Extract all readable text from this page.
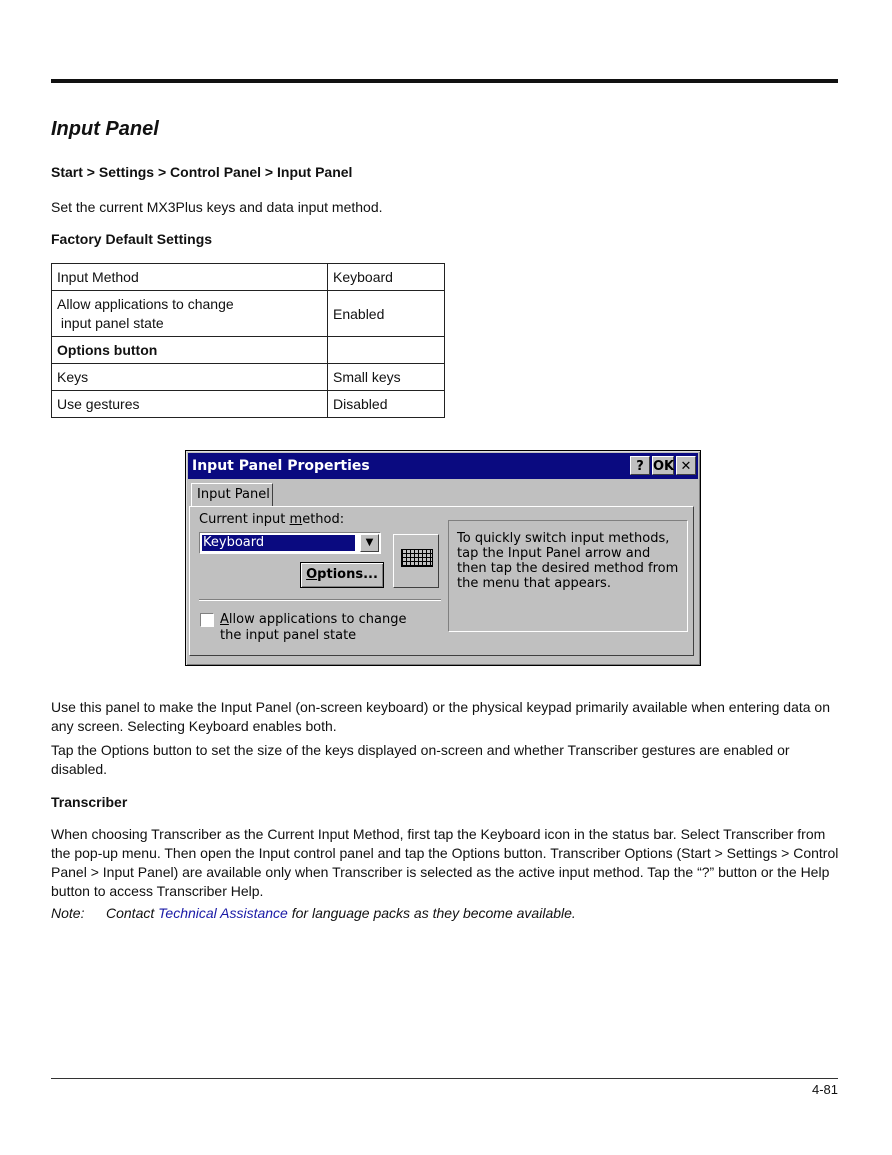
Input Panel
Start > Settings > Control Panel > Input Panel

Set the current MX3Plus keys and data input method.

Factory Default Settings

Input Method	Keyboard

Allow applications to change
input panel state	Enabled
Options button	
Keys	Small keys
Use gestures	Disabled
Input Panel Properties	? OK ✕
Input Panel
Current input method:
Keyboard	▼
Options...
Allow applications to change the input panel state
To quickly switch input methods, tap the Input Panel arrow and then tap the desired method from the menu that appears.

Use this panel to make the Input Panel (on-screen keyboard) or the physical keypad primarily available when entering data on any screen. Selecting Keyboard enables both.

Tap the Options button to set the size of the keys displayed on-screen and whether Transcriber gestures are enabled or disabled.

Transcriber

When choosing Transcriber as the Current Input Method, first tap the Keyboard icon in the status bar. Select Transcriber from the pop-up menu. Then open the Input control panel and tap the Options button. Transcriber Options (Start > Settings > Control Panel > Input Panel) are available only when Transcriber is selected as the active input method. Tap the “?” button or the Help button to access Transcriber Help.

Note: Contact Technical Assistance for language packs as they become available.
4-81
